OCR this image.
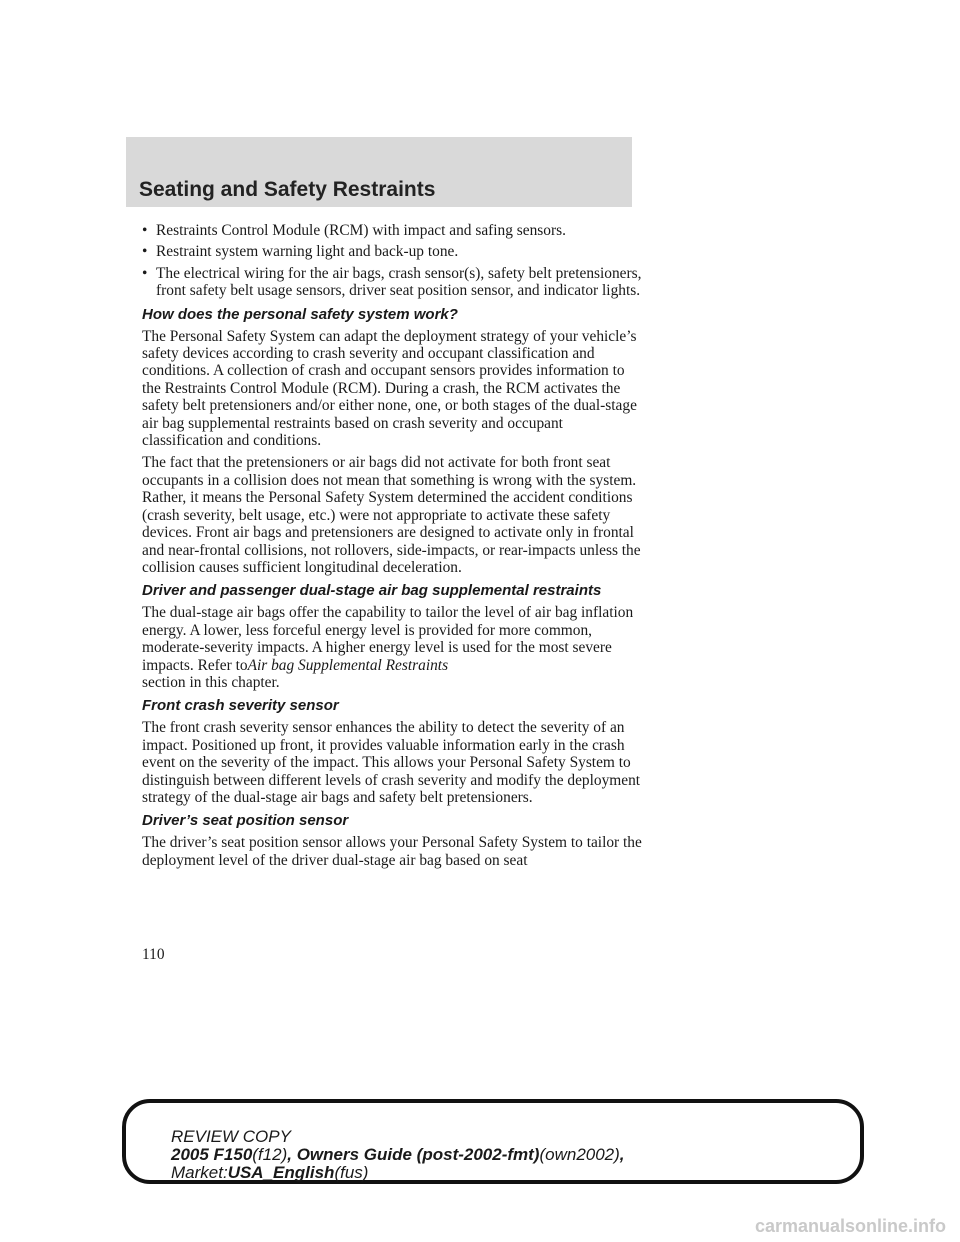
Seating and Safety Restraints
• Restraints Control Module (RCM) with impact and safing sensors.
• Restraint system warning light and back-up tone.
• The electrical wiring for the air bags, crash sensor(s), safety belt pretensioners, front safety belt usage sensors, driver seat position sensor, and indicator lights.
How does the personal safety system work?

The Personal Safety System can adapt the deployment strategy of your vehicle’s safety devices according to crash severity and occupant classification and conditions. A collection of crash and occupant sensors provides information to the Restraints Control Module (RCM). During a crash, the RCM activates the safety belt pretensioners and/or either none, one, or both stages of the dual-stage air bag supplemental restraints based on crash severity and occupant classification and conditions.

The fact that the pretensioners or air bags did not activate for both front seat occupants in a collision does not mean that something is wrong with the system. Rather, it means the Personal Safety System determined the accident conditions (crash severity, belt usage, etc.) were not appropriate to activate these safety devices. Front air bags and pretensioners are designed to activate only in frontal and near-frontal collisions, not rollovers, side-impacts, or rear-impacts unless the collision causes sufficient longitudinal deceleration.

Driver and passenger dual-stage air bag supplemental restraints

The dual-stage air bags offer the capability to tailor the level of air bag inflation energy. A lower, less forceful energy level is provided for more common, moderate-severity impacts. A higher energy level is used for the most severe impacts. Refer toAir bag Supplemental Restraints
section in this chapter.

Front crash severity sensor

The front crash severity sensor enhances the ability to detect the severity of an impact. Positioned up front, it provides valuable information early in the crash event on the severity of the impact. This allows your Personal Safety System to distinguish between different levels of crash severity and modify the deployment strategy of the dual-stage air bags and safety belt pretensioners.

Driver’s seat position sensor

The driver’s seat position sensor allows your Personal Safety System to tailor the deployment level of the driver dual-stage air bag based on seat

110
REVIEW COPY
2005 F150(f12), Owners Guide (post-2002-fmt)(own2002),
Market:USA_English(fus)
carmanualsonline.info
